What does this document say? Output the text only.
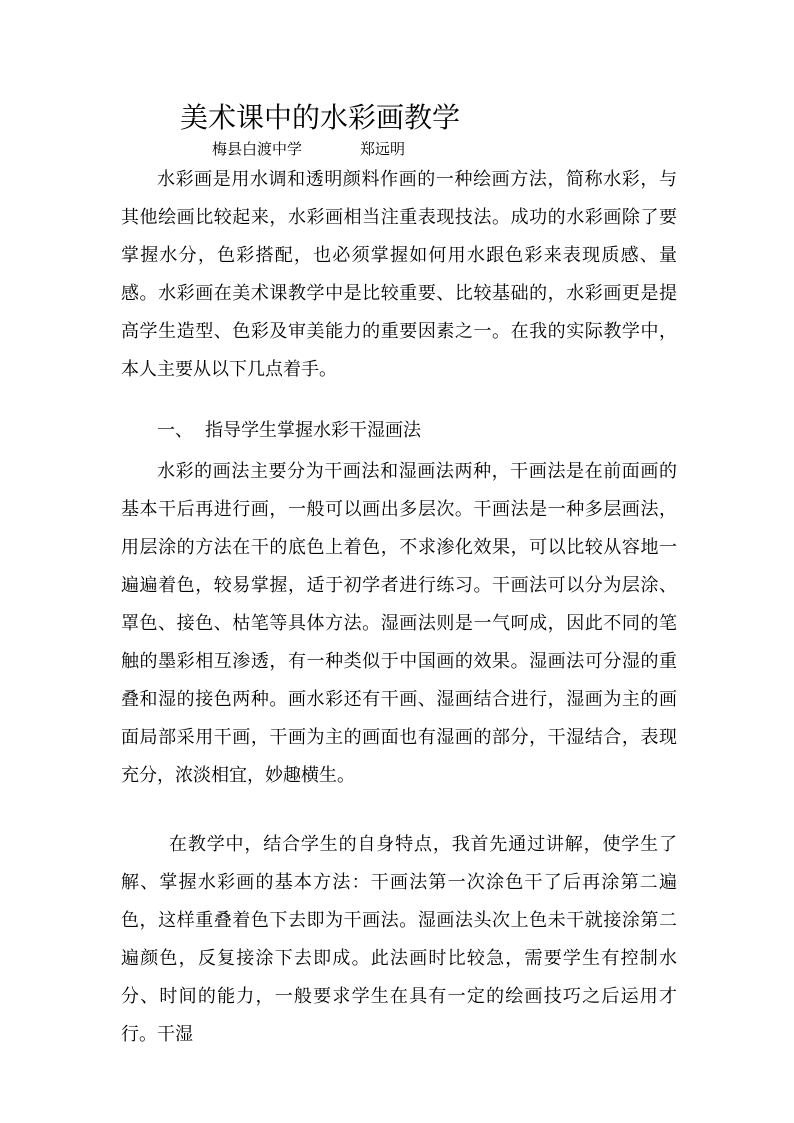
美术课中的水彩画教学
梅县白渡中学	郑远明

水彩画是用水调和透明颜料作画的一种绘画方法，简称水彩，与其他绘画比较起来，水彩画相当注重表现技法。成功的水彩画除了要掌握水分，色彩搭配，也必须掌握如何用水跟色彩来表现质感、量感。水彩画在美术课教学中是比较重要、比较基础的，水彩画更是提高学生造型、色彩及审美能力的重要因素之一。在我的实际教学中，本人主要从以下几点着手。

一、 指导学生掌握水彩干湿画法

水彩的画法主要分为干画法和湿画法两种，干画法是在前面画的基本干后再进行画，一般可以画出多层次。干画法是一种多层画法，用层涂的方法在干的底色上着色，不求渗化效果，可以比较从容地一遍遍着色，较易掌握，适于初学者进行练习。干画法可以分为层涂、罩色、接色、枯笔等具体方法。湿画法则是一气呵成，因此不同的笔触的墨彩相互渗透，有一种类似于中国画的效果。湿画法可分湿的重叠和湿的接色两种。画水彩还有干画、湿画结合进行，湿画为主的画面局部采用干画，干画为主的画面也有湿画的部分，干湿结合，表现充分，浓淡相宜，妙趣横生。

在教学中，结合学生的自身特点，我首先通过讲解，使学生了解、掌握水彩画的基本方法：干画法第一次涂色干了后再涂第二遍色，这样重叠着色下去即为干画法。湿画法头次上色未干就接涂第二遍颜色，反复接涂下去即成。此法画时比较急，需要学生有控制水分、时间的能力，一般要求学生在具有一定的绘画技巧之后运用才行。干湿
